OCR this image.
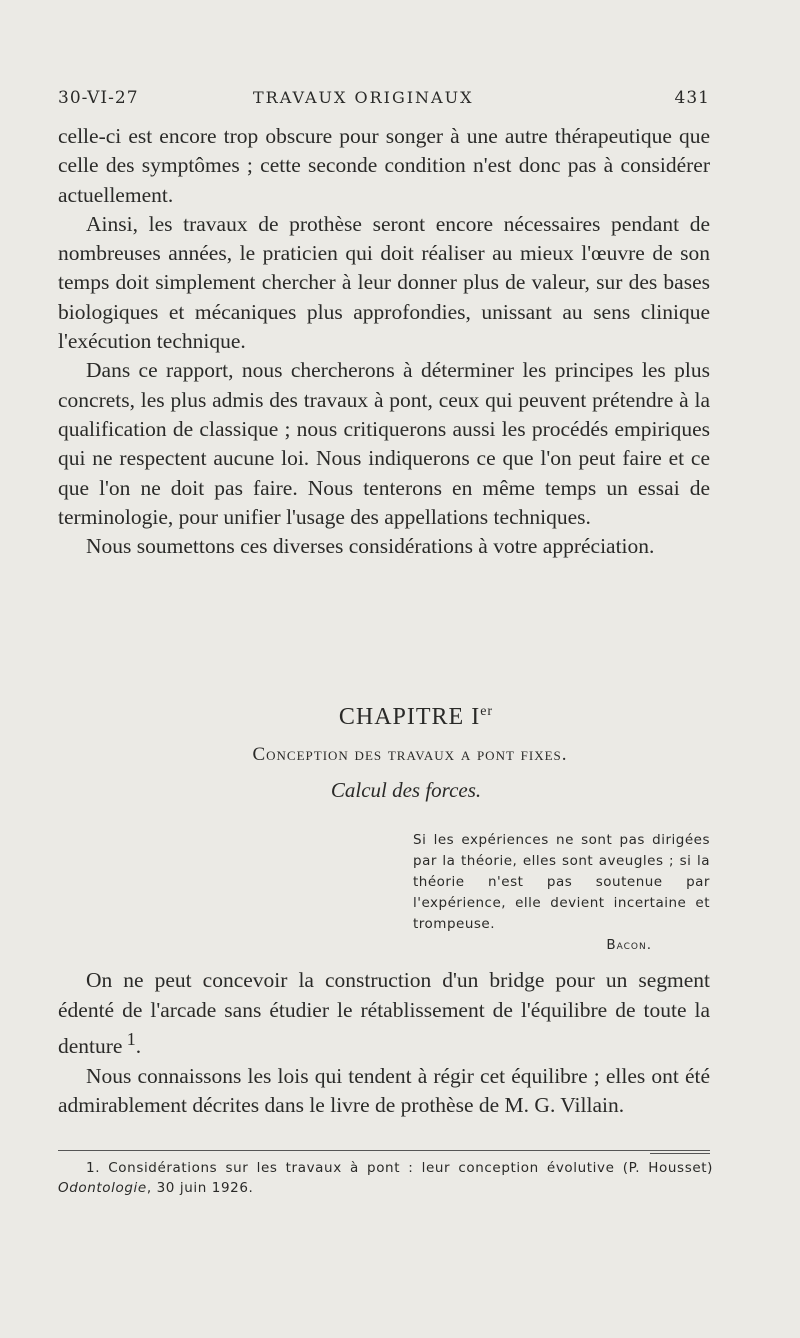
30-VI-27	TRAVAUX ORIGINAUX	431

celle-ci est encore trop obscure pour songer à une autre thérapeutique que celle des symptômes ; cette seconde condition n'est donc pas à considérer actuellement.

Ainsi, les travaux de prothèse seront encore nécessaires pendant de nombreuses années, le praticien qui doit réaliser au mieux l'œuvre de son temps doit simplement chercher à leur donner plus de valeur, sur des bases biologiques et mécaniques plus approfondies, unissant au sens clinique l'exécution technique.

Dans ce rapport, nous chercherons à déterminer les principes les plus concrets, les plus admis des travaux à pont, ceux qui peuvent prétendre à la qualification de classique ; nous critiquerons aussi les procédés empiriques qui ne respectent aucune loi. Nous indiquerons ce que l'on peut faire et ce que l'on ne doit pas faire. Nous tenterons en même temps un essai de terminologie, pour unifier l'usage des appellations techniques.

Nous soumettons ces diverses considérations à votre appréciation.

CHAPITRE Ier
Conception des travaux a pont fixes.
Calcul des forces.
Si les expériences ne sont pas dirigées par la théorie, elles sont aveugles ; si la théorie n'est pas soutenue par l'expérience, elle devient incertaine et trompeuse.
Bacon.

On ne peut concevoir la construction d'un bridge pour un segment édenté de l'arcade sans étudier le rétablissement de l'équilibre de toute la denture  $^1$.

Nous connaissons les lois qui tendent à régir cet équilibre ; elles ont été admirablement décrites dans le livre de prothèse de M. G. Villain.

1. Considérations sur les travaux à pont : leur conception évolutive (P. Housset) Odontologie, 30 juin 1926.
